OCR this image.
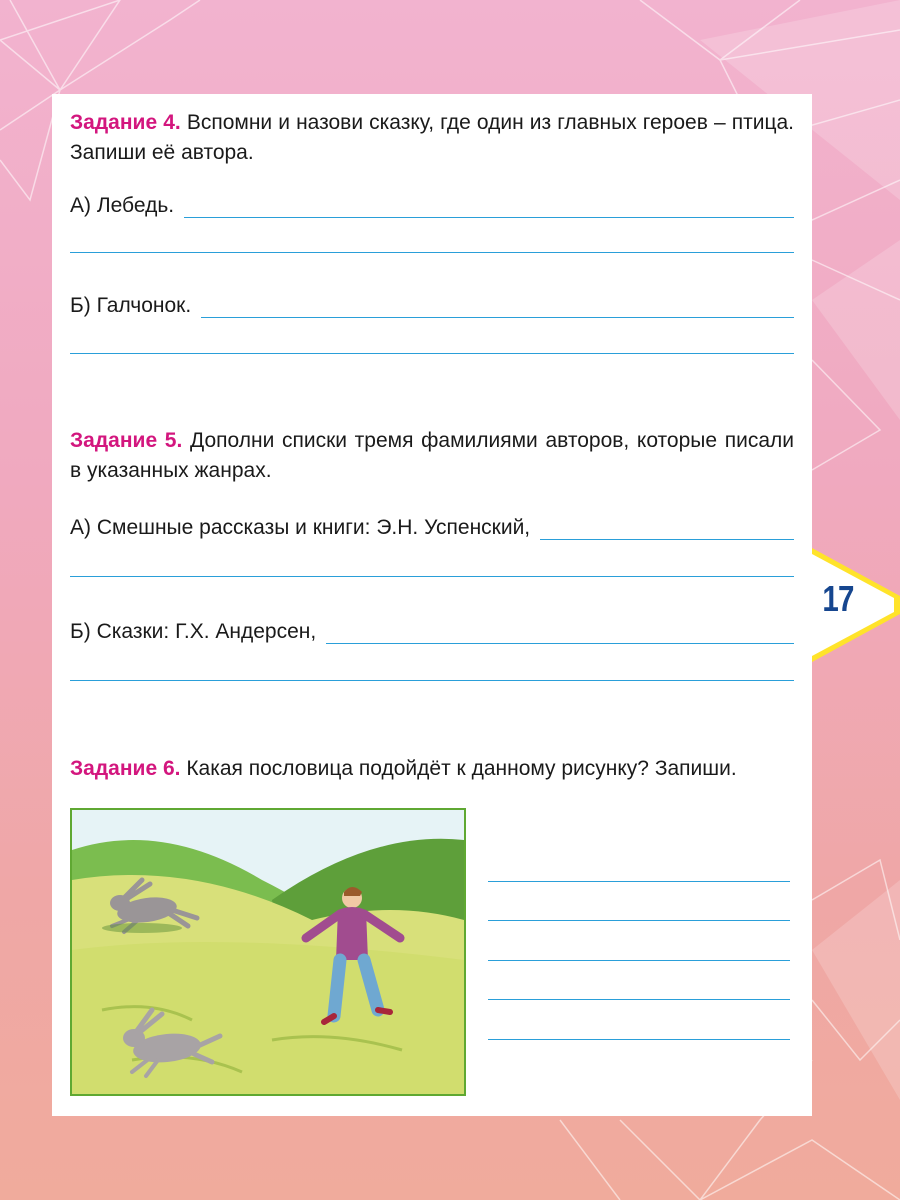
Задание 4. Вспомни и назови сказку, где один из главных героев – птица. Запиши её автора.

А) Лебедь.
Б) Галчонок.

Задание 5. Дополни списки тремя фамилиями авторов, которые писали в указанных жанрах.

А) Смешные рассказы и книги: Э.Н. Успенский,
Б) Сказки: Г.Х. Андерсен,

Задание 6. Какая пословица подойдёт к данному рисунку? Запиши.

17
